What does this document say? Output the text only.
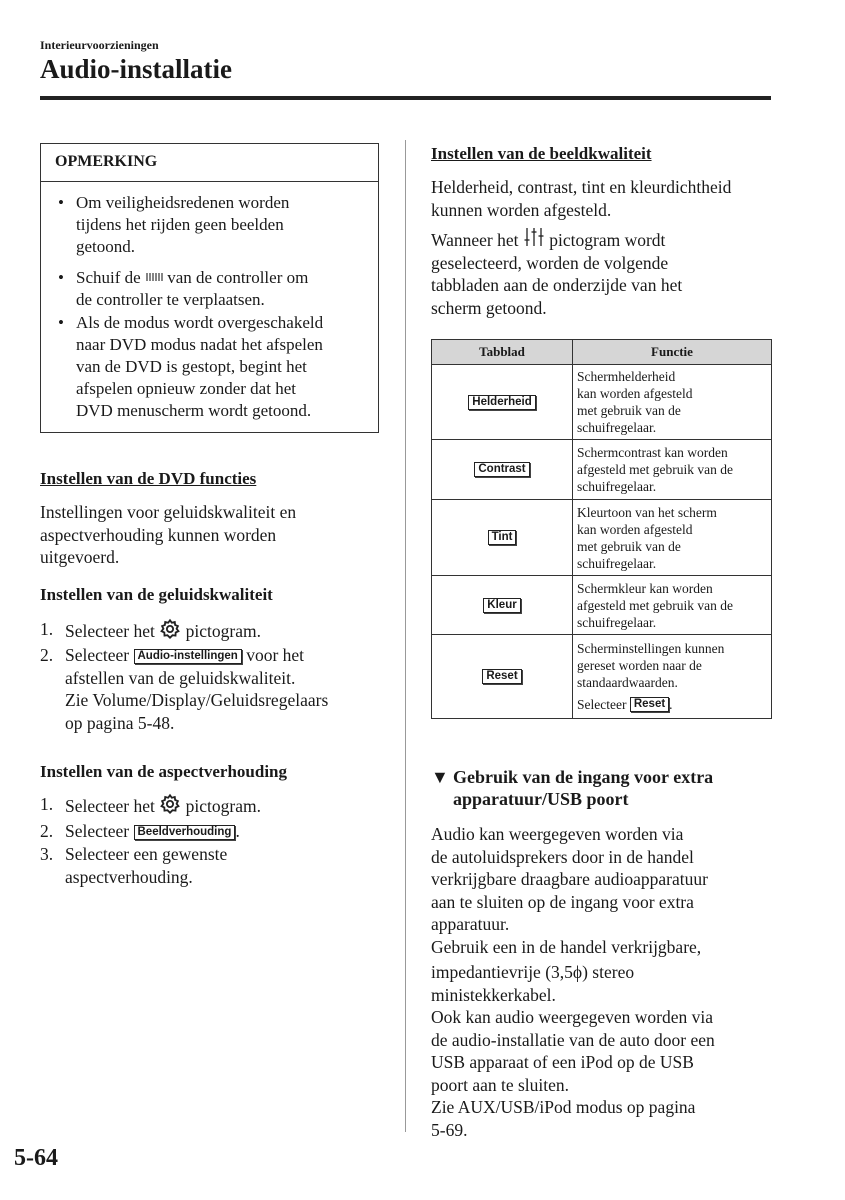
Interieurvoorzieningen
Audio-installatie
OPMERKING
• Om veiligheidsredenen worden
tijdens het rijden geen beelden
getoond.
• Schuif de van de controller om
de controller te verplaatsen.
• Als de modus wordt overgeschakeld
naar DVD modus nadat het afspelen
van de DVD is gestopt, begint het
afspelen opnieuw zonder dat het
DVD menuscherm wordt getoond.
Instellen van de DVD functies
Instellingen voor geluidskwaliteit en
aspectverhouding kunnen worden
uitgevoerd.
Instellen van de geluidskwaliteit
1. Selecteer het pictogram.
2. Selecteer Audio-instellingen voor het
afstellen van de geluidskwaliteit.
Zie Volume/Display/Geluidsregelaars
op pagina 5-48.
Instellen van de aspectverhouding
1. Selecteer het pictogram.
2. Selecteer Beeldverhouding .
3. Selecteer een gewenste
aspectverhouding.
Instellen van de beeldkwaliteit
Helderheid, contrast, tint en kleurdichtheid
kunnen worden afgesteld.
Wanneer het pictogram wordt
geselecteerd, worden de volgende
tabbladen aan de onderzijde van het
scherm getoond.
Tabblad	Functie
Helderheid	Schermhelderheid
kan worden afgesteld
met gebruik van de
schuifregelaar.

Contrast	Schermcontrast kan worden
afgesteld met gebruik van de
schuifregelaar.

Tint	Kleurtoon van het scherm
kan worden afgesteld
met gebruik van de
schuifregelaar.

Kleur	Schermkleur kan worden
afgesteld met gebruik van de
schuifregelaar.

Reset	Scherminstellingen kunnen
gereset worden naar de
standaardwaarden.
Selecteer Reset .
▼ Gebruik van de ingang voor extra
apparatuur/USB poort
Audio kan weergegeven worden via
de autoluidsprekers door in de handel
verkrijgbare draagbare audioapparatuur
aan te sluiten op de ingang voor extra
apparatuur.
Gebruik een in de handel verkrijgbare,
impedantievrije (3,5ϕ) stereo
ministekkerkabel.
Ook kan audio weergegeven worden via
de audio-installatie van de auto door een
USB apparaat of een iPod op de USB
poort aan te sluiten.
Zie AUX/USB/iPod modus op pagina
5-69.
5-64
